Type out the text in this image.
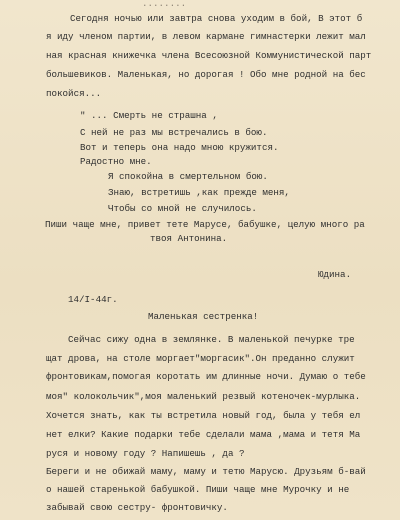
........
Сегодня ночью или завтра снова уходим в бой, В этот б
я иду членом партии, в левом кармане гимнастерки лежит мал
ная красная книжечка члена Всесоюзной Коммунистической парт
большевиков. Маленькая, но дорогая ! Обо мне родной на бес
покойся...
" ... Смерть не страшна ,
С ней не раз мы встречались в бою.
Вот и теперь она надо мною кружится.
Радостно мне.
Я спокойна в смертельном бою.
Знаю, встретишь ,как прежде меня,
Чтобы со мной не случилось.
Пиши чаще мне, привет тете Марусе, бабушке, целую много ра
твоя Антонина.
Юдина.
14/I-44г.
Маленькая сестренка!
Сейчас сижу одна в землянке. В маленькой печурке тре
щат дрова, на столе моргает"моргасик".Он преданно служит
фронтовикам,помогая коротать им длинные ночи. Думаю о тебе
моя" колокольчик",моя маленький резвый котеночек-мурлыка.
Хочется знать, как ты встретила новый год, была у тебя ел
нет елки? Какие подарки тебе сделали мама ,мама и тетя Ма
руся и новому году ? Напишешь , да ?
Береги и не обижай маму, маму и тетю Марусю. Друзьям б-вай
о нашей старенькой бабушкой. Пиши чаще мне Мурочку и не
забывай свою сестру- фронтовичку.
